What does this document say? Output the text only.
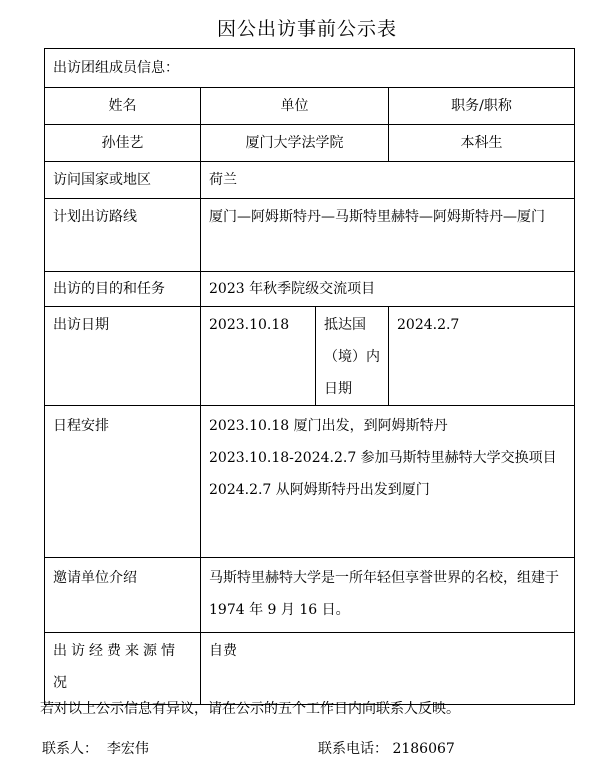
因公出访事前公示表
出访团组成员信息：			
姓名	单位		职务/职称
孙佳艺	厦门大学法学院		本科生
访问国家或地区	荷兰		
计划出访路线	厦门—阿姆斯特丹—马斯特里赫特—阿姆斯特丹—厦门		
出访的目的和任务	2023 年秋季院级交流项目		
出访日期	2023.10.18	抵达国（境）内日期	2024.2.7
日程安排	2023.10.18 厦门出发，到阿姆斯特丹
2023.10.18-2024.2.7 参加马斯特里赫特大学交换项目
2024.2.7 从阿姆斯特丹出发到厦门		

邀请单位介绍	马斯特里赫特大学是一所年轻但享誉世界的名校，组建于 1974 年 9 月 16 日。		
出访经费来源情况	自费		
若对以上公示信息有异议，请在公示的五个工作日内向联系人反映。
联系人：  李宏伟	联系电话： 2186067
